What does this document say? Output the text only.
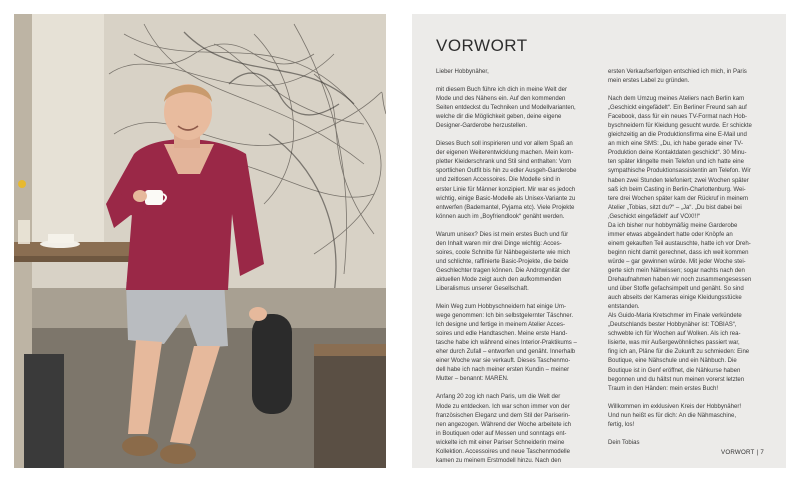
VORWORT

Lieber Hobbynäher,

mit diesem Buch führe ich dich in meine Welt der
Mode und des Nähens ein. Auf den kommenden
Seiten entdeckst du Techniken und Modellvarianten,
welche dir die Möglichkeit geben, deine eigene
Designer-Garderobe herzustellen.

Dieses Buch soll inspirieren und vor allem Spaß an
der eigenen Weiterentwicklung machen. Mein kom-
pletter Kleiderschrank und Stil sind enthalten: Vom
sportlichen Outfit bis hin zu edler Ausgeh-Garderobe
und zeitlosen Accessoires. Die Modelle sind in
erster Linie für Männer konzipiert. Mir war es jedoch
wichtig, einige Basic-Modelle als Unisex-Variante zu
entwerfen (Bademantel, Pyjama etc). Viele Projekte
können auch im „Boyfriendlook“ genäht werden.

Warum unisex? Dies ist mein erstes Buch und für
den Inhalt waren mir drei Dinge wichtig: Acces-
soires, coole Schnitte für Nähbegeisterte wie mich
und schlichte, raffinierte Basic-Projekte, die beide
Geschlechter tragen können. Die Androgynität der
aktuellen Mode zeigt auch den aufkommenden
Liberalismus unserer Gesellschaft.

Mein Weg zum Hobbyschneidern hat einige Um-
wege genommen: Ich bin selbstgelernter Täschner.
Ich designe und fertige in meinem Atelier Acces-
soires und edle Handtaschen. Meine erste Hand-
tasche habe ich während eines Interior-Praktikums –
eher durch Zufall – entworfen und genäht. Innerhalb
einer Woche war sie verkauft. Dieses Taschenmo-
dell habe ich nach meiner ersten Kundin – meiner
Mutter – benannt: MAREN.

Anfang 20 zog ich nach Paris, um die Welt der
Mode zu entdecken. Ich war schon immer von der
französischen Eleganz und dem Stil der Pariserin-
nen angezogen. Während der Woche arbeitete ich
in Boutiquen oder auf Messen und sonntags ent-
wickelte ich mit einer Pariser Schneiderin meine
Kollektion. Accessoires und neue Taschenmodelle
kamen zu meinem Erstmodell hinzu. Nach den

ersten Verkaufserfolgen entschied ich mich, in Paris
mein erstes Label zu gründen.

Nach dem Umzug meines Ateliers nach Berlin kam
„Geschickt eingefädelt“. Ein Berliner Freund sah auf
Facebook, dass für ein neues TV-Format nach Hob-
byschneidern für Kleidung gesucht wurde. Er schickte
gleichzeitig an die Produktionsfirma eine E-Mail und
an mich eine SMS: „Du, ich habe gerade einer TV-
Produktion deine Kontaktdaten geschickt“. 30 Minu-
ten später klingelte mein Telefon und ich hatte eine
sympathische Produktionsassistentin am Telefon. Wir
haben zwei Stunden telefoniert; zwei Wochen später
saß ich beim Casting in Berlin-Charlottenburg. Wei-
tere drei Wochen später kam der Rückruf in meinem
Atelier „Tobias, sitzt du?“ – „Ja“. „Du bist dabei bei
‚Geschickt eingefädelt‘ auf VOX!!!“
Da ich bisher nur hobbymäßig meine Garderobe
immer etwas abgeändert hatte oder Knöpfe an
einem gekauften Teil austauschte, hatte ich vor Dreh-
beginn nicht damit gerechnet, dass ich weit kommen
würde – gar gewinnen würde. Mit jeder Woche stei-
gerte sich mein Nähwissen; sogar nachts nach den
Drehaufnahmen haben wir noch zusammengesessen
und über Stoffe gefachsimpelt und genäht. So sind
auch abseits der Kameras einige Kleidungsstücke
entstanden.
Als Guido-Maria Kretschmer im Finale verkündete
„Deutschlands bester Hobbynäher ist: TOBIAS“,
schwebte ich für Wochen auf Wolken. Als ich rea-
lisierte, was mir Außergewöhnliches passiert war,
fing ich an, Pläne für die Zukunft zu schmieden: Eine
Boutique, eine Nähschule und ein Nähbuch. Die
Boutique ist in Genf eröffnet, die Nähkurse haben
begonnen und du hältst nun meinen vorerst letzten
Traum in den Händen: mein erstes Buch!

Willkommen im exklusiven Kreis der Hobbynäher!
Und nun heißt es für dich: An die Nähmaschine,
fertig, los!

Dein Tobias

VORWORT | 7
